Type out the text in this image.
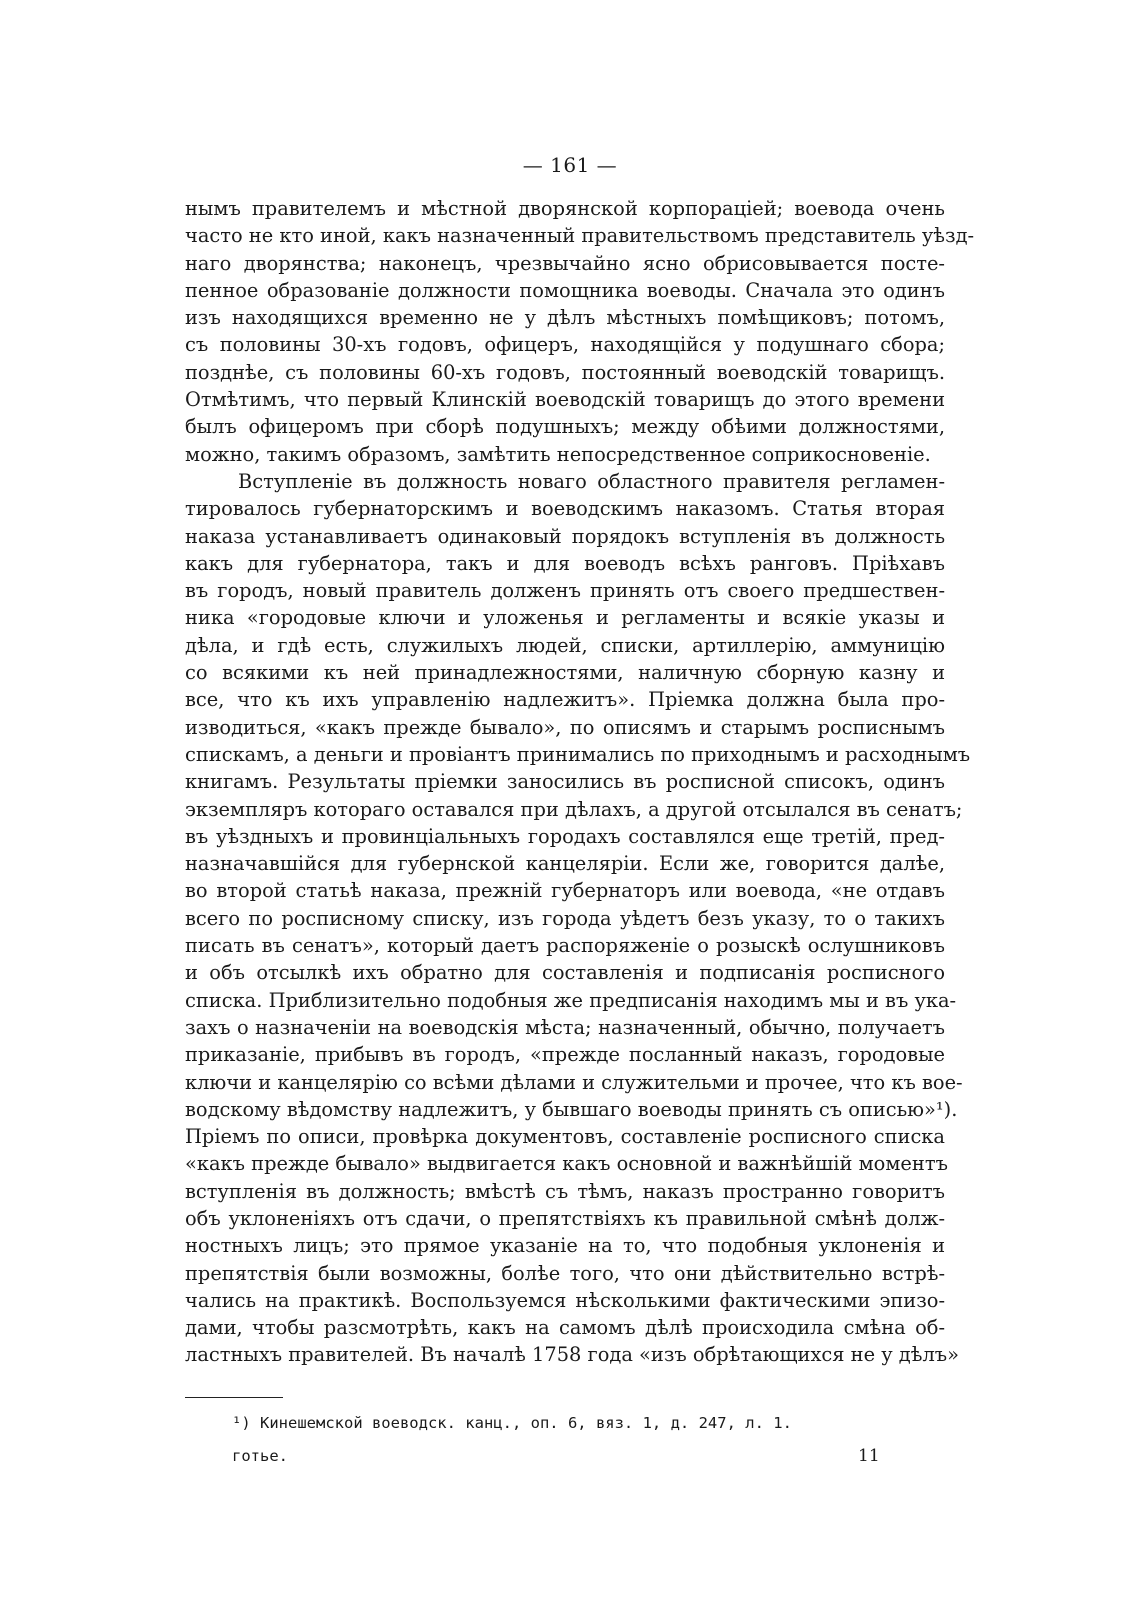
— 161 —
нымъ правителемъ и мѣстной дворянской корпораціей; воевода очень
часто не кто иной, какъ назначенный правительствомъ представитель уѣзд-
наго дворянства; наконецъ, чрезвычайно ясно обрисовывается посте-
пенное образованіе должности помощника воеводы. Сначала это одинъ
изъ находящихся временно не у дѣлъ мѣстныхъ помѣщиковъ; потомъ,
съ половины 30-хъ годовъ, офицеръ, находящійся у подушнаго сбора;
позднѣе, съ половины 60-хъ годовъ, постоянный воеводскій товарищъ.
Отмѣтимъ, что первый Клинскій воеводскій товарищъ до этого времени
былъ офицеромъ при сборѣ подушныхъ; между обѣими должностями,
можно, такимъ образомъ, замѣтить непосредственное соприкосновеніе.
Вступленіе въ должность новаго областного правителя регламен-
тировалось губернаторскимъ и воеводскимъ наказомъ. Статья вторая
наказа устанавливаетъ одинаковый порядокъ вступленія въ должность
какъ для губернатора, такъ и для воеводъ всѣхъ ранговъ. Пріѣхавъ
въ городъ, новый правитель долженъ принять отъ своего предшествен-
ника «городовые ключи и уложенья и регламенты и всякіе указы и
дѣла, и гдѣ есть, служилыхъ людей, списки, артиллерію, аммуницію
со всякими къ ней принадлежностями, наличную сборную казну и
все, что къ ихъ управленію надлежитъ». Пріемка должна была про-
изводиться, «какъ прежде бывало», по описямъ и старымъ росписнымъ
спискамъ, а деньги и провіантъ принимались по приходнымъ и расходнымъ
книгамъ. Результаты пріемки заносились въ росписной списокъ, одинъ
экземпляръ котораго оставался при дѣлахъ, а другой отсылался въ сенатъ;
въ уѣздныхъ и провинціальныхъ городахъ составлялся еще третій, пред-
назначавшійся для губернской канцеляріи. Если же, говорится далѣе,
во второй статьѣ наказа, прежній губернаторъ или воевода, «не отдавъ
всего по росписному списку, изъ города уѣдетъ безъ указу, то о такихъ
писать въ сенатъ», который даетъ распоряженіе о розыскѣ ослушниковъ
и объ отсылкѣ ихъ обратно для составленія и подписанія росписного
списка. Приблизительно подобныя же предписанія находимъ мы и въ ука-
захъ о назначеніи на воеводскія мѣста; назначенный, обычно, получаетъ
приказаніе, прибывъ въ городъ, «прежде посланный наказъ, городовые
ключи и канцелярію со всѣми дѣлами и служительми и прочее, что къ вое-
водскому вѣдомству надлежитъ, у бывшаго воеводы принять съ описью»¹).
Пріемъ по описи, провѣрка документовъ, составленіе росписного списка
«какъ прежде бывало» выдвигается какъ основной и важнѣйшій моментъ
вступленія въ должность; вмѣстѣ съ тѣмъ, наказъ пространно говоритъ
объ уклоненіяхъ отъ сдачи, о препятствіяхъ къ правильной смѣнѣ долж-
ностныхъ лицъ; это прямое указаніе на то, что подобныя уклоненія и
препятствія были возможны, болѣе того, что они дѣйствительно встрѣ-
чались на практикѣ. Воспользуемся нѣсколькими фактическими эпизо-
дами, чтобы разсмотрѣть, какъ на самомъ дѣлѣ происходила смѣна об-
ластныхъ правителей. Въ началѣ 1758 года «изъ обрѣтающихся не у дѣлъ»
¹) Кинешемской воеводск. канц., оп. 6, вяз. 1, д. 247, л. 1.
готье.	11
